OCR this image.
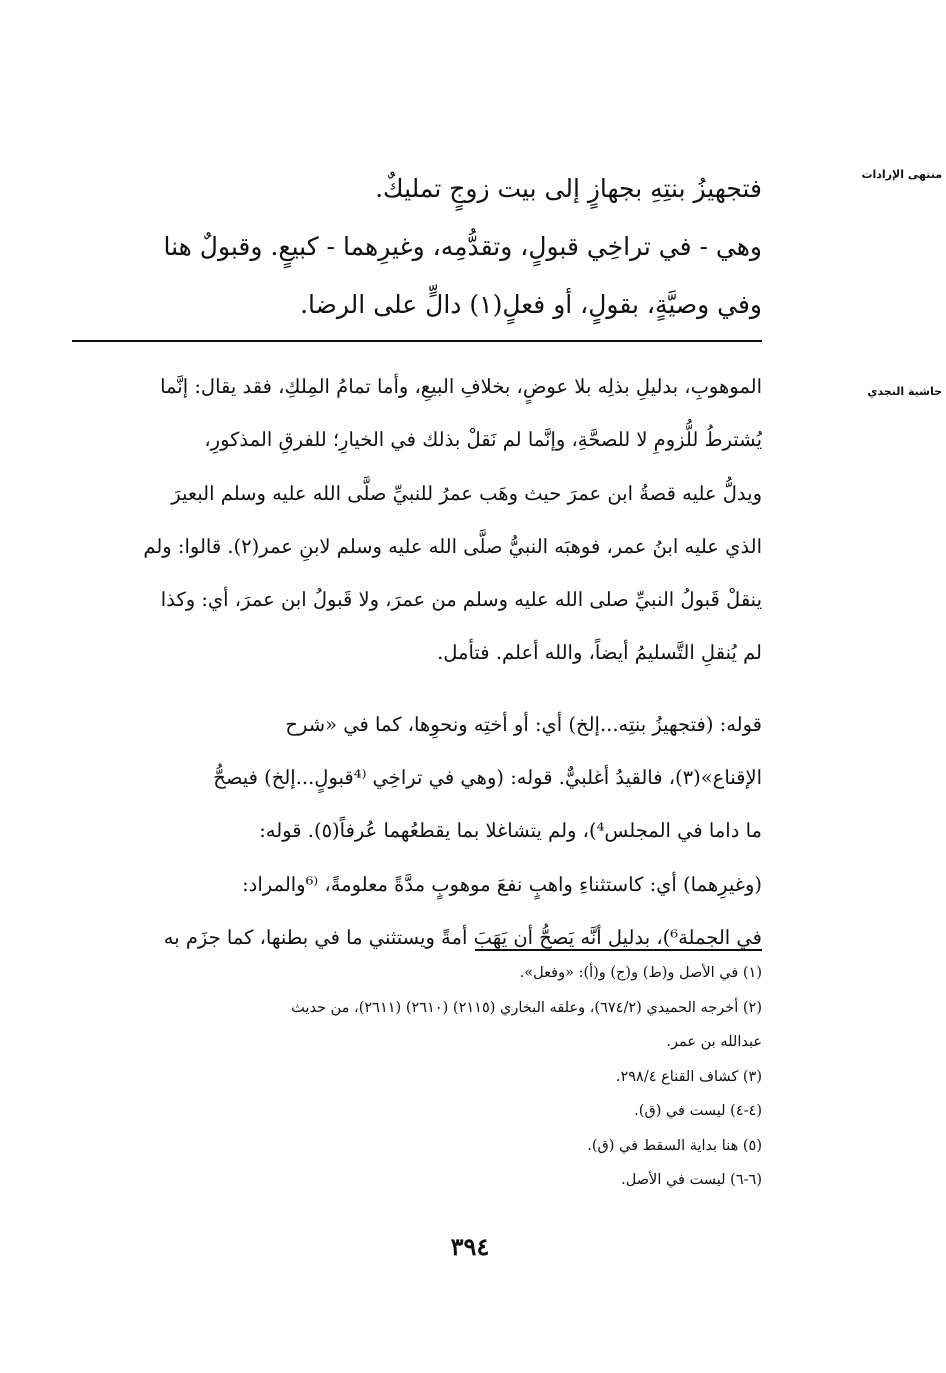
منتهى الإرادات
حاشية النجدي
فتجهيزُ بنتِهِ بجهازٍ إلى بيت زوجٍ تمليكٌ.
وهي - في تراخِي قبولٍ، وتقدُّمِه، وغيرِهما - كبيعٍ. وقبولٌ هنا
وفي وصيَّةٍ، بقولٍ، أو فعلٍ(١) دالٍّ على الرضا.
الموهوبِ، بدليلِ بذلِه بلا عوضٍ، بخلافِ البيعِ، وأما تمامُ المِلكِ، فقد يقال: إنَّما
يُشترطُ للُّزومِ لا للصحَّةِ، وإنَّما لم نَقلْ بذلك في الخيارِ؛ للفرقِ المذكورِ،
ويدلُّ عليه قصةُ ابن عمرَ حيث وهَب عمرُ للنبيِّ صلَّى الله عليه وسلم البعيرَ
الذي عليه ابنُ عمر، فوهبَه النبيُّ صلَّى الله عليه وسلم لابنِ عمر(٢). قالوا: ولم
ينقلْ قَبولُ النبيِّ صلى الله عليه وسلم من عمرَ، ولا قَبولُ ابن عمرَ، أي: وكذا
لم يُنقلِ التَّسليمُ أيضاً، والله أعلم. فتأمل.
قوله: (فتجهيزُ بنتِه...إلخ) أي: أو أختِه ونحوِها، كما في «شرح
الإقناع»(٣)، فالقيدُ أغلبيٌّ. قوله: (وهي في تراخِي ⁽⁴قبولٍ...إلخ) فيصحُّ
ما داما في المجلس⁴)، ولم يتشاغلا بما يقطعُهما عُرفاً(٥). قوله:
(وغيرِهما) أي: كاستثناءِ واهبٍ نفعَ موهوبٍ مدَّةً معلومةً، ⁽⁶والمراد:
في الجملة⁶)، بدليلِ أنَّه يَصحُّ أن يَهَبَ أمةً ويستثني ما في بطنها، كما جزَم به
(١) في الأصل و(ط) و(ج) و(أ): «وفعل».
(٢) أخرجه الحميدي (٦٧٤/٢)، وعلقه البخاري (٢١١٥) (٢٦١٠) (٢٦١١)، من حديث
عبدالله بن عمر.
(٣) كشاف القناع ٢٩٨/٤.
(٤-٤) ليست في (ق).
(٥) هنا بداية السقط في (ق).
(٦-٦) ليست في الأصل.
٣٩٤
